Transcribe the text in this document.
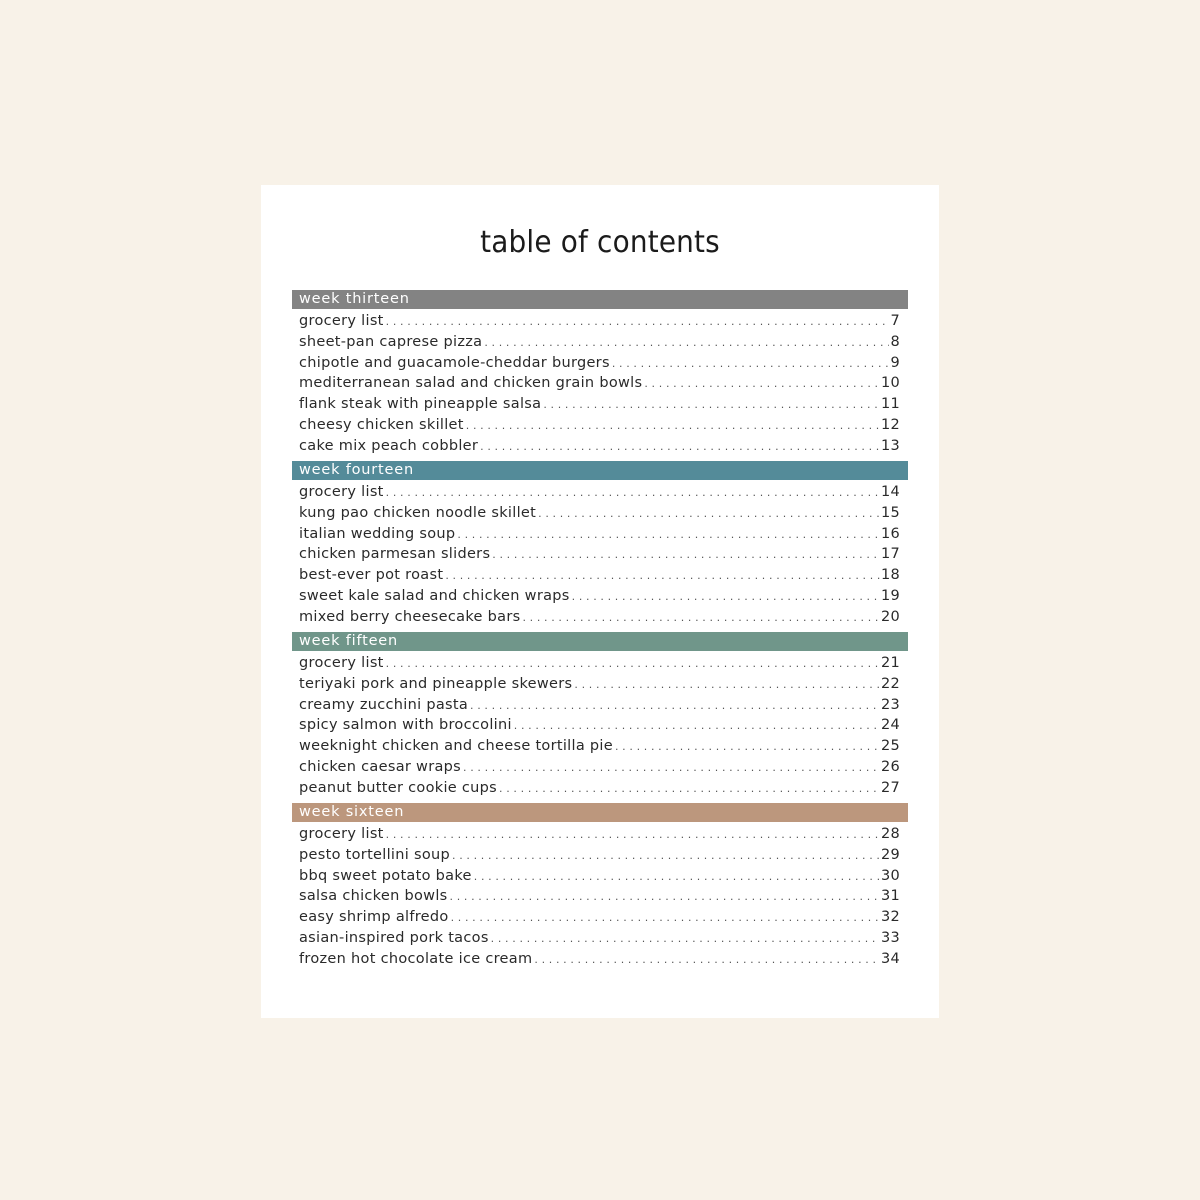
table of contents
week thirteen
grocery list . . .	7
sheet-pan caprese pizza . . .	8
chipotle and guacamole-cheddar burgers . . .	9
mediterranean salad and chicken grain bowls . . .	10
flank steak with pineapple salsa . . .	11
cheesy chicken skillet . . .	12
cake mix peach cobbler . . .	13
week fourteen
grocery list . . .	14
kung pao chicken noodle skillet . . .	15
italian wedding soup . . .	16
chicken parmesan sliders . . .	17
best-ever pot roast . . .	18
sweet kale salad and chicken wraps . . .	19
mixed berry cheesecake bars . . .	20
week fifteen
grocery list . . .	21
teriyaki pork and pineapple skewers . . .	22
creamy zucchini pasta . . .	23
spicy salmon with broccolini . . .	24
weeknight chicken and cheese tortilla pie . . .	25
chicken caesar wraps . . .	26
peanut butter cookie cups . . .	27
week sixteen
grocery list . . .	28
pesto tortellini soup . . .	29
bbq sweet potato bake . . .	30
salsa chicken bowls . . .	31
easy shrimp alfredo . . .	32
asian-inspired pork tacos . . .	33
frozen hot chocolate ice cream . . .	34
